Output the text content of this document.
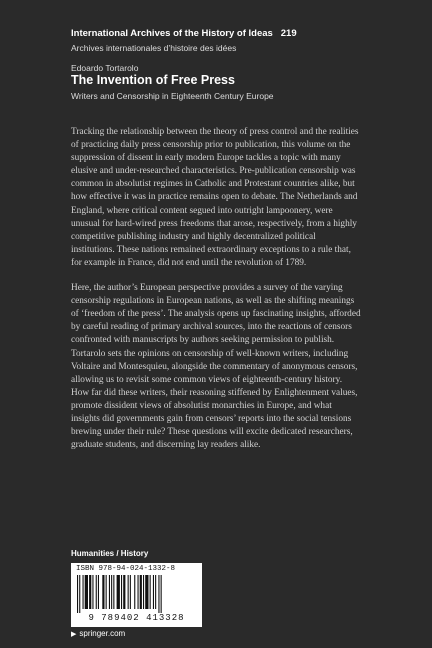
International Archives of the History of Ideas   219
Archives internationales d’histoire des idées
Edoardo Tortarolo
The Invention of Free Press
Writers and Censorship in Eighteenth Century Europe

Tracking the relationship between the theory of press control and the realities of practicing daily press censorship prior to publication, this volume on the suppression of dissent in early modern Europe tackles a topic with many elusive and under-researched characteristics. Pre-publication censorship was common in absolutist regimes in Catholic and Protestant countries alike, but how effective it was in practice remains open to debate. The Netherlands and England, where critical content segued into outright lampoonery, were unusual for hard-wired press freedoms that arose, respectively, from a highly competitive publishing industry and highly decentralized political institutions. These nations remained extraordinary exceptions to a rule that, for example in France, did not end until the revolution of 1789.

Here, the author’s European perspective provides a survey of the varying censorship regulations in European nations, as well as the shifting meanings of ‘freedom of the press’. The analysis opens up fascinating insights, afforded by careful reading of primary archival sources, into the reactions of censors confronted with manuscripts by authors seeking permission to publish. Tortarolo sets the opinions on censorship of well-known writers, including Voltaire and Montesquieu, alongside the commentary of anonymous censors, allowing us to revisit some common views of eighteenth-century history. How far did these writers, their reasoning stiffened by Enlightenment values, promote dissident views of absolutist monarchies in Europe, and what insights did governments gain from censors’ reports into the social tensions brewing under their rule? These questions will excite dedicated researchers, graduate students, and discerning lay readers alike.

Humanities / History
ISBN 978-94-024-1332-8
9 789402 413328
▶ springer.com
